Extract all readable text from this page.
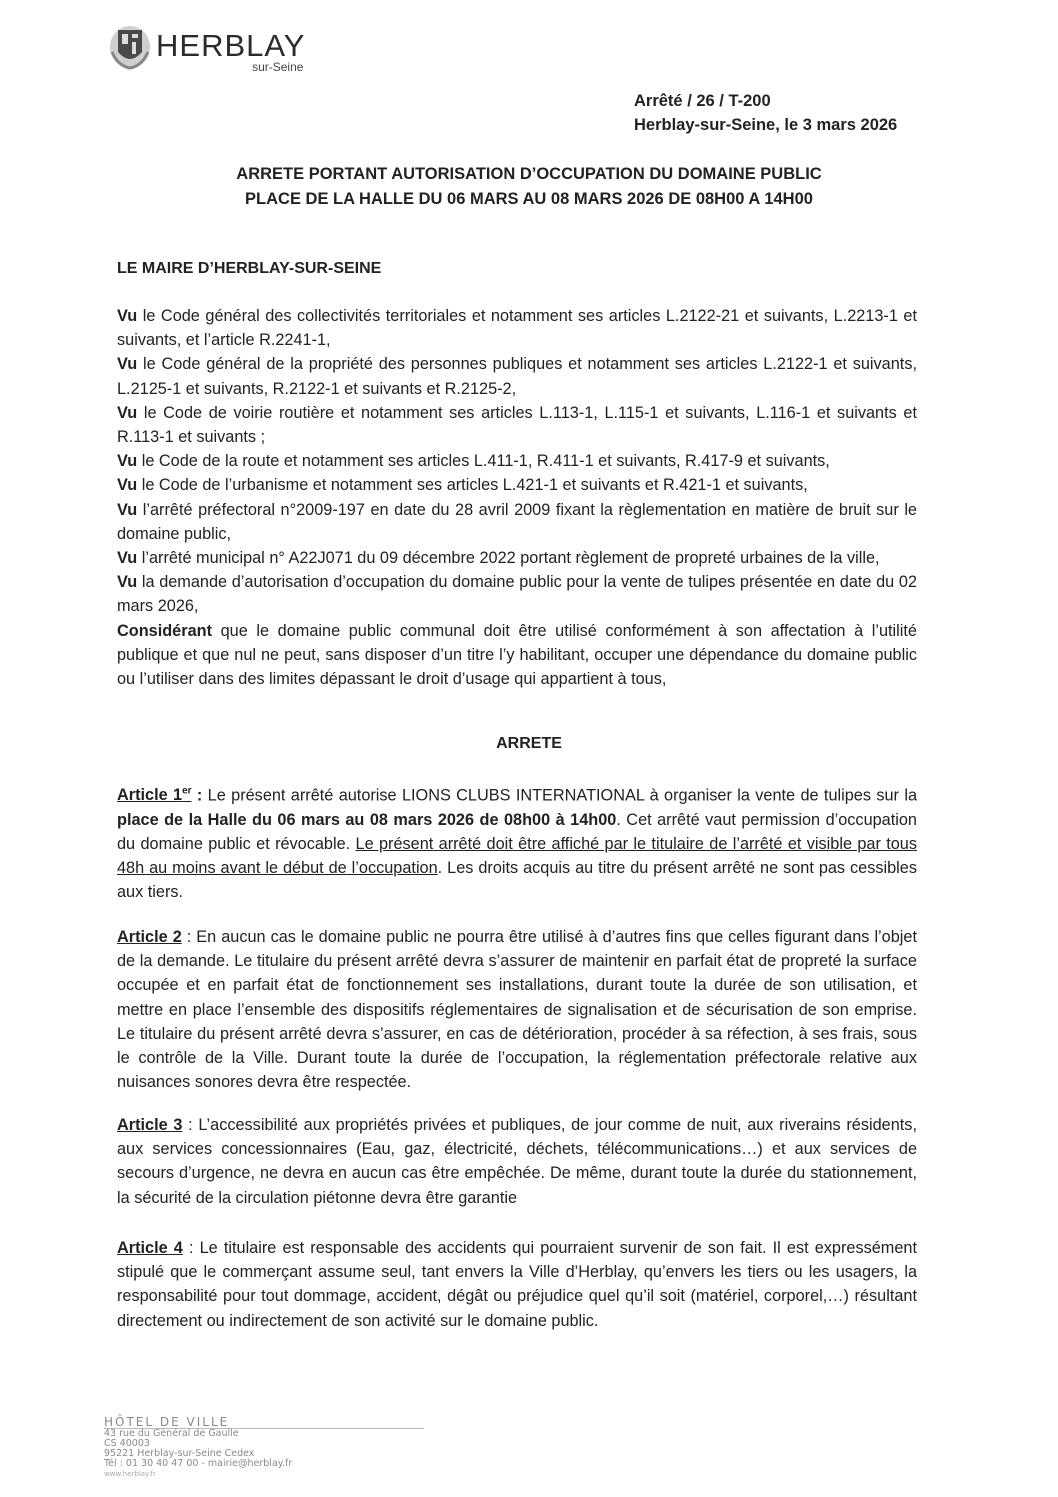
HERBLAY
sur-Seine
Arrêté / 26 / T-200
Herblay-sur-Seine, le 3 mars 2026
ARRETE PORTANT AUTORISATION D’OCCUPATION DU DOMAINE PUBLIC
PLACE DE LA HALLE DU 06 MARS AU 08 MARS 2026 DE 08H00 A 14H00
LE MAIRE D’HERBLAY-SUR-SEINE

Vu le Code général des collectivités territoriales et notamment ses articles L.2122-21 et suivants, L.2213-1 et suivants, et l’article R.2241-1,

Vu le Code général de la propriété des personnes publiques et notamment ses articles L.2122-1 et suivants, L.2125-1 et suivants, R.2122-1 et suivants et R.2125-2,

Vu le Code de voirie routière et notamment ses articles L.113-1, L.115-1 et suivants, L.116-1 et suivants et R.113-1 et suivants ;

Vu le Code de la route et notamment ses articles L.411-1, R.411-1 et suivants, R.417-9 et suivants,

Vu le Code de l’urbanisme et notamment ses articles L.421-1 et suivants et R.421-1 et suivants,

Vu l’arrêté préfectoral n°2009-197 en date du 28 avril 2009 fixant la règlementation en matière de bruit sur le domaine public,

Vu l’arrêté municipal n° A22J071 du 09 décembre 2022 portant règlement de propreté urbaines de la ville,

Vu la demande d’autorisation d’occupation du domaine public pour la vente de tulipes présentée en date du 02 mars 2026,

Considérant que le domaine public communal doit être utilisé conformément à son affectation à l’utilité publique et que nul ne peut, sans disposer d’un titre l’y habilitant, occuper une dépendance du domaine public ou l’utiliser dans des limites dépassant le droit d’usage qui appartient à tous,

ARRETE
Article 1er : Le présent arrêté autorise LIONS CLUBS INTERNATIONAL à organiser la vente de tulipes sur la place de la Halle du 06 mars au 08 mars 2026 de 08h00 à 14h00. Cet arrêté vaut permission d’occupation du domaine public et révocable. Le présent arrêté doit être affiché par le titulaire de l’arrêté et visible par tous 48h au moins avant le début de l’occupation. Les droits acquis au titre du présent arrêté ne sont pas cessibles aux tiers.
Article 2 : En aucun cas le domaine public ne pourra être utilisé à d’autres fins que celles figurant dans l’objet de la demande. Le titulaire du présent arrêté devra s’assurer de maintenir en parfait état de propreté la surface occupée et en parfait état de fonctionnement ses installations, durant toute la durée de son utilisation, et mettre en place l’ensemble des dispositifs réglementaires de signalisation et de sécurisation de son emprise. Le titulaire du présent arrêté devra s’assurer, en cas de détérioration, procéder à sa réfection, à ses frais, sous le contrôle de la Ville. Durant toute la durée de l’occupation, la réglementation préfectorale relative aux nuisances sonores devra être respectée.
Article 3 : L’accessibilité aux propriétés privées et publiques, de jour comme de nuit, aux riverains résidents, aux services concessionnaires (Eau, gaz, électricité, déchets, télécommunications…) et aux services de secours d’urgence, ne devra en aucun cas être empêchée. De même, durant toute la durée du stationnement, la sécurité de la circulation piétonne devra être garantie
Article 4 : Le titulaire est responsable des accidents qui pourraient survenir de son fait. Il est expressément stipulé que le commerçant assume seul, tant envers la Ville d’Herblay, qu’envers les tiers ou les usagers, la responsabilité pour tout dommage, accident, dégât ou préjudice quel qu’il soit (matériel, corporel,…) résultant directement ou indirectement de son activité sur le domaine public.
HÔTEL DE VILLE
43 rue du Général de Gaulle
CS 40003
95221 Herblay-sur-Seine Cedex
Tél : 01 30 40 47 00 - mairie@herblay.fr
www.herblay.fr
